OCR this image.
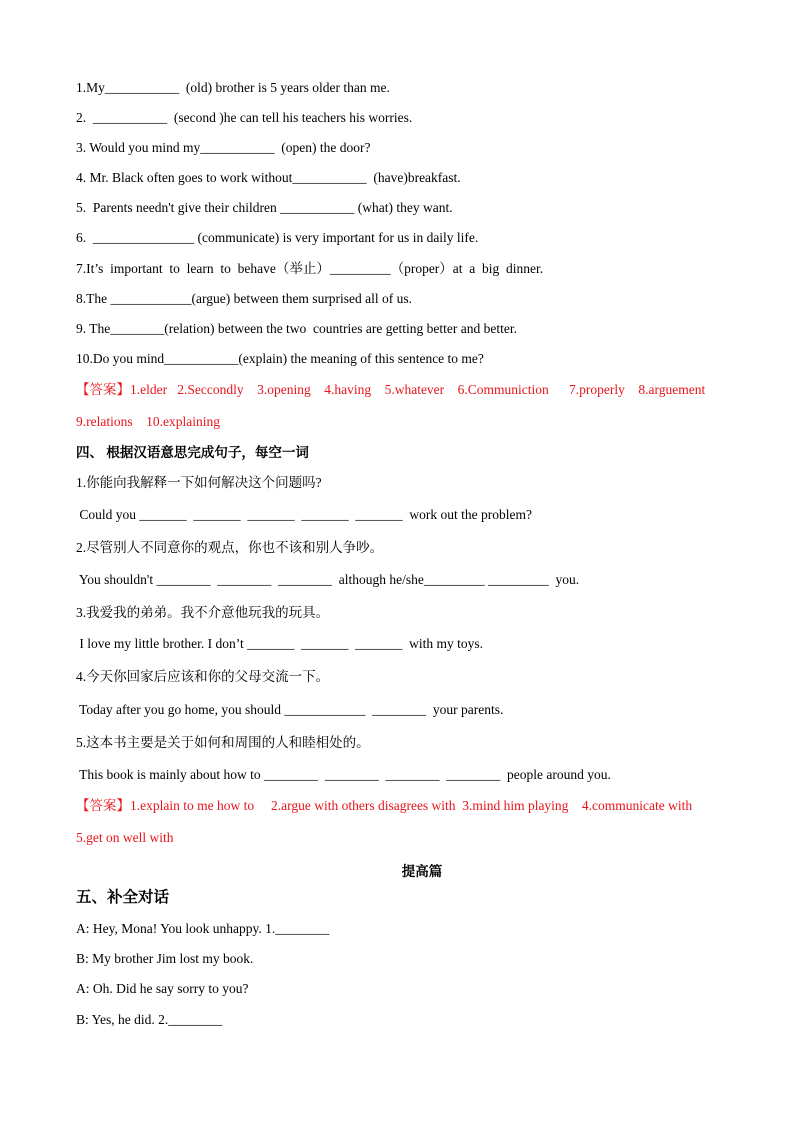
1.My___________  (old) brother is 5 years older than me.
2.  ___________  (second )he can tell his teachers his worries.
3. Would you mind my___________  (open) the door?
4. Mr. Black often goes to work without___________  (have)breakfast.
5.  Parents needn't give their children ___________ (what) they want.
6.  _______________ (communicate) is very important for us in daily life.
7.It’s  important  to  learn  to  behave（举止）_________（proper）at  a  big  dinner.
8.The ____________(argue) between them surprised all of us.
9. The________(relation) between the two  countries are getting better and better.
10.Do you mind___________(explain) the meaning of this sentence to me?
【答案】1.elder   2.Seccondly    3.opening    4.having    5.whatever    6.Communiction      7.properly    8.arguement
9.relations    10.explaining
四、 根据汉语意思完成句子，每空一词
1.你能向我解释一下如何解决这个问题吗?
Could you _______  _______  _______  _______  _______  work out the problem?
2.尽管别人不同意你的观点，你也不该和别人争吵。
You shouldn't ________  ________  ________  although he/she_________ _________  you.
3.我爱我的弟弟。我不介意他玩我的玩具。
I love my little brother. I don’t _______  _______  _______  with my toys.
4.今天你回家后应该和你的父母交流一下。
Today after you go home, you should ____________  ________  your parents.
5.这本书主要是关于如何和周围的人和睦相处的。
This book is mainly about how to ________  ________  ________  ________  people around you.
【答案】1.explain to me how to     2.argue with others disagrees with  3.mind him playing    4.communicate with
5.get on well with
提高篇
五、补全对话
A: Hey, Mona! You look unhappy. 1.________
B: My brother Jim lost my book.
A: Oh. Did he say sorry to you?
B: Yes, he did. 2.________
